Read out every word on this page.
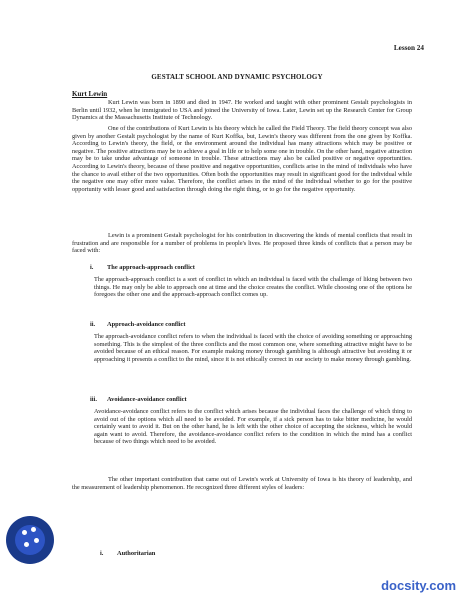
Lesson 24
GESTALT SCHOOL AND DYNAMIC PSYCHOLOGY
Kurt Lewin
Kurt Lewin was born in 1890 and died in 1947. He worked and taught with other prominent Gestalt psychologists in Berlin until 1932, when he immigrated to USA and joined the University of Iowa. Later, Lewin set up the Research Center for Group Dynamics at the Massachusetts Institute of Technology.
One of the contributions of Kurt Lewin is his theory which he called the Field Theory. The field theory concept was also given by another Gestalt psychologist by the name of Kurt Koffka, but, Lewin's theory was different from the one given by Koffka. According to Lewin's theory, the field, or the environment around the individual has many attractions which may be positive or negative. The positive attractions may be to achieve a goal in life or to help some one in trouble. On the other hand, negative attraction may be to take undue advantage of someone in trouble. These attractions may also be called positive or negative opportunities. According to Lewin's theory, because of these positive and negative opportunities, conflicts arise in the mind of individuals who have the chance to avail either of the two opportunities. Often both the opportunities may result in significant good for the individual while the negative one may offer more value. Therefore, the conflict arises in the mind of the individual whether to go for the positive opportunity with lesser good and satisfaction through doing the right thing, or to go for the negative opportunity.
Lewin is a prominent Gestalt psychologist for his contribution in discovering the kinds of mental conflicts that result in frustration and are responsible for a number of problems in people's lives. He proposed three kinds of conflicts that a person may be faced with:
i. The approach-approach conflict
The approach-approach conflict is a sort of conflict in which an individual is faced with the challenge of liking between two things. He may only be able to approach one at time and the choice creates the conflict. While choosing one of the options he foregoes the other one and the approach-approach conflict comes up.
ii. Approach-avoidance conflict
The approach-avoidance conflict refers to when the individual is faced with the choice of avoiding something or approaching something. This is the simplest of the three conflicts and the most common one, where something attractive might have to be avoided because of an ethical reason. For example making money through gambling is although attractive but avoiding it or approaching it presents a conflict to the mind, since it is not ethically correct in our society to make money through gambling.
iii. Avoidance-avoidance conflict
Avoidance-avoidance conflict refers to the conflict which arises because the individual faces the challenge of which thing to avoid out of the options which all need to be avoided. For example, if a sick person has to take bitter medicine, he would certainly want to avoid it. But on the other hand, he is left with the other choice of accepting the sickness, which he would again want to avoid. Therefore, the avoidance-avoidance conflict refers to the condition in which the mind has a conflict because of two things which need to be avoided.
The other important contribution that came out of Lewin's work at University of Iowa is his theory of leadership, and the measurement of leadership phenomenon. He recognized three different styles of leaders:
i. Authoritarian
docsity.com
